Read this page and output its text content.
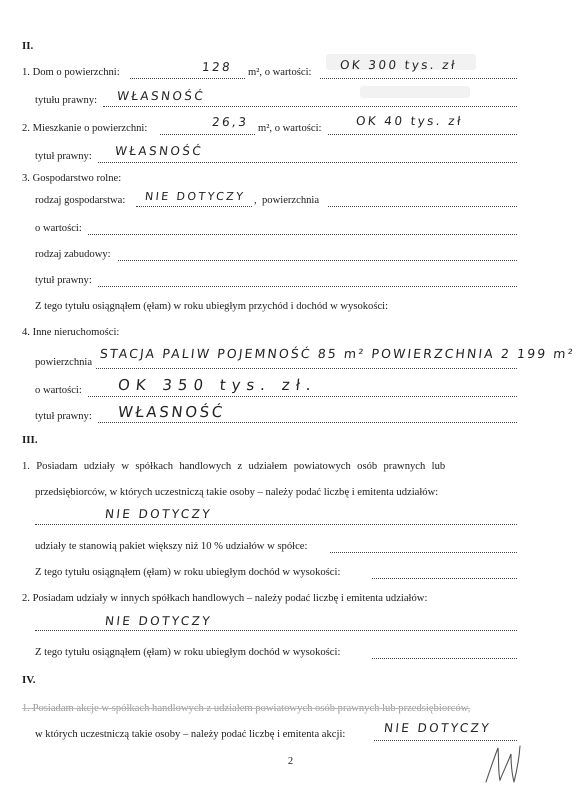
II.
1. Dom o powierzchni:	128 m², o wartości:
OK 300 tys. zł
tytułu prawny: WŁASNOŚĆ
2. Mieszkanie o powierzchni:	26,3 m², o wartości:
OK 40 tys. zł
tytuł prawny: WŁASNOŚĆ
3. Gospodarstwo rolne:
rodzaj gospodarstwa: NIE DOTYCZY , powierzchnia
o wartości:
rodzaj zabudowy:
tytuł prawny:
Z tego tytułu osiągnąłem (ęłam) w roku ubiegłym przychód i dochód w wysokości:
4. Inne nieruchomości:
powierzchnia
STACJA PALIW POJEMNOŚĆ 85 m² POWIERZCHNIA 2 199 m²
o wartości: OK 350 tys. zł.
tytuł prawny: WŁASNOŚĆ
III.
1. Posiadam udziały w spółkach handlowych z udziałem powiatowych osób prawnych lub
przedsiębiorców, w których uczestniczą takie osoby – należy podać liczbę i emitenta udziałów:
NIE DOTYCZY
udziały te stanowią pakiet większy niż 10 % udziałów w spółce:
Z tego tytułu osiągnąłem (ęłam) w roku ubiegłym dochód w wysokości:
2. Posiadam udziały w innych spółkach handlowych – należy podać liczbę i emitenta udziałów:
NIE DOTYCZY
Z tego tytułu osiągnąłem (ęłam) w roku ubiegłym dochód w wysokości:
IV.
1. Posiadam akcje w spółkach handlowych z udziałem powiatowych osób prawnych lub przedsiębiorców,
w których uczestniczą takie osoby – należy podać liczbę i emitenta akcji:	NIE DOTYCZY
2
